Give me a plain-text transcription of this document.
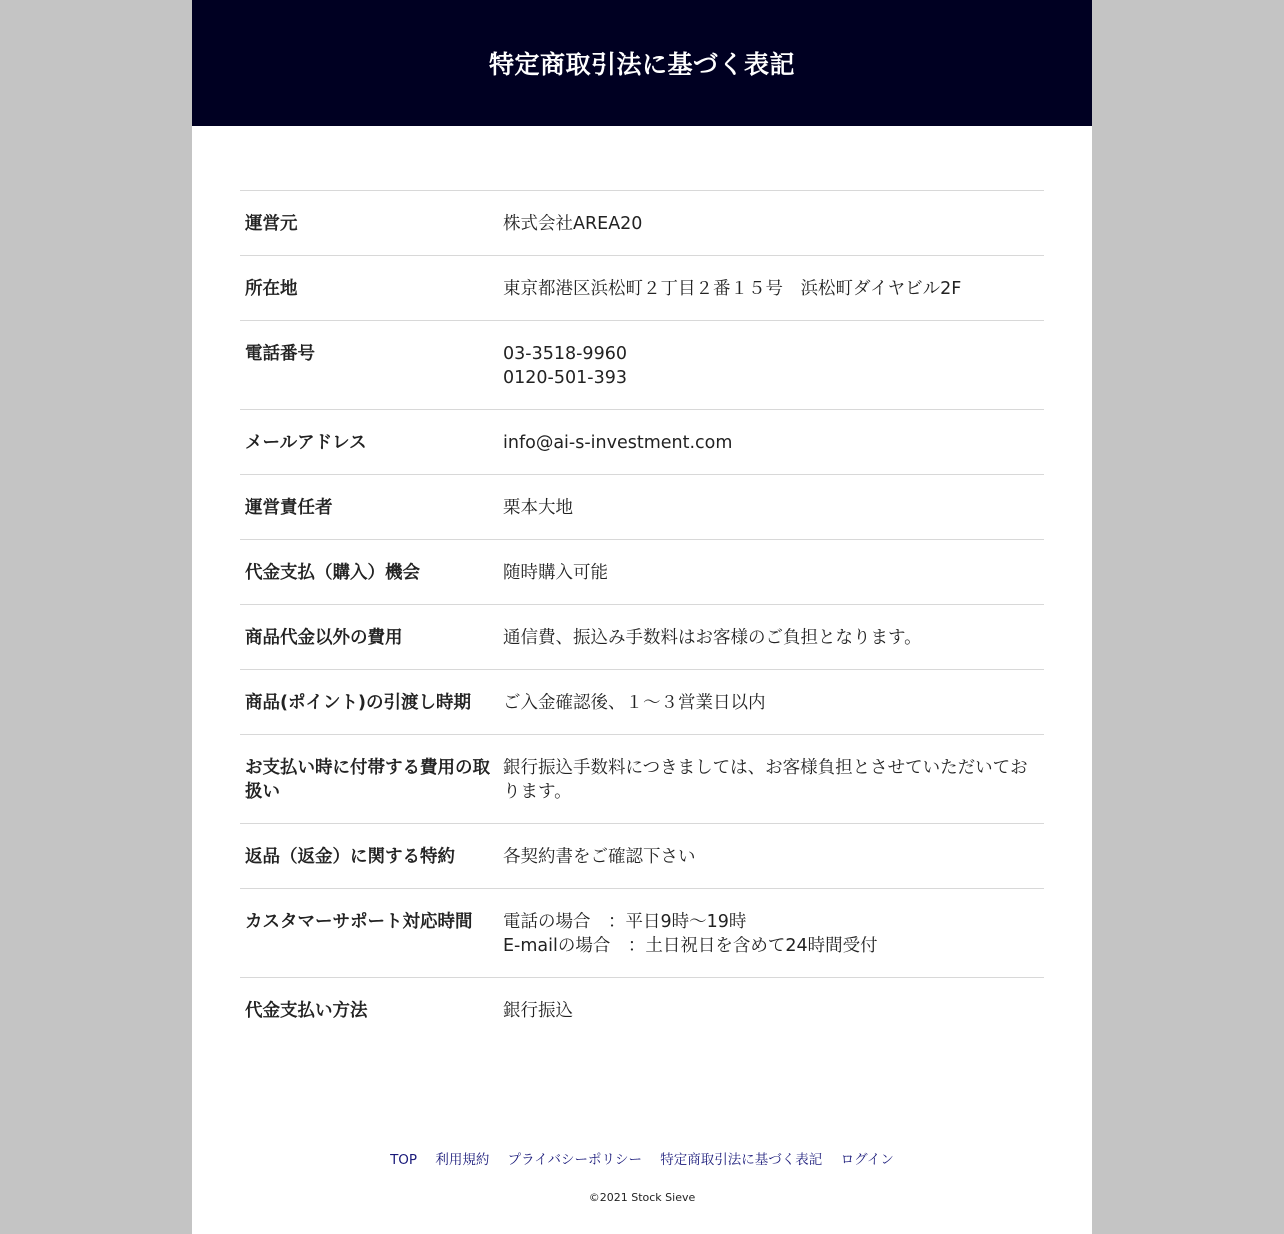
特定商取引法に基づく表記
運営元	株式会社AREA20

所在地	東京都港区浜松町２丁目２番１５号　浜松町ダイヤビル2F

電話番号	03-3518-9960
0120-501-393

メールアドレス	info@ai-s-investment.com

運営責任者	栗本大地

代金支払（購入）機会	随時購入可能

商品代金以外の費用	通信費、振込み手数料はお客様のご負担となります。

商品(ポイント)の引渡し時期	ご入金確認後、１～３営業日以内

お支払い時に付帯する費用の取扱い	銀行振込手数料につきましては、お客様負担とさせていただいております。

返品（返金）に関する特約	各契約書をご確認下さい

カスタマーサポート対応時間	電話の場合　：平日9時～19時
E-mailの場合　：土日祝日を含めて24時間受付

代金支払い方法	銀行振込
TOP 利用規約 プライバシーポリシー 特定商取引法に基づく表記 ログイン
©2021 Stock Sieve
